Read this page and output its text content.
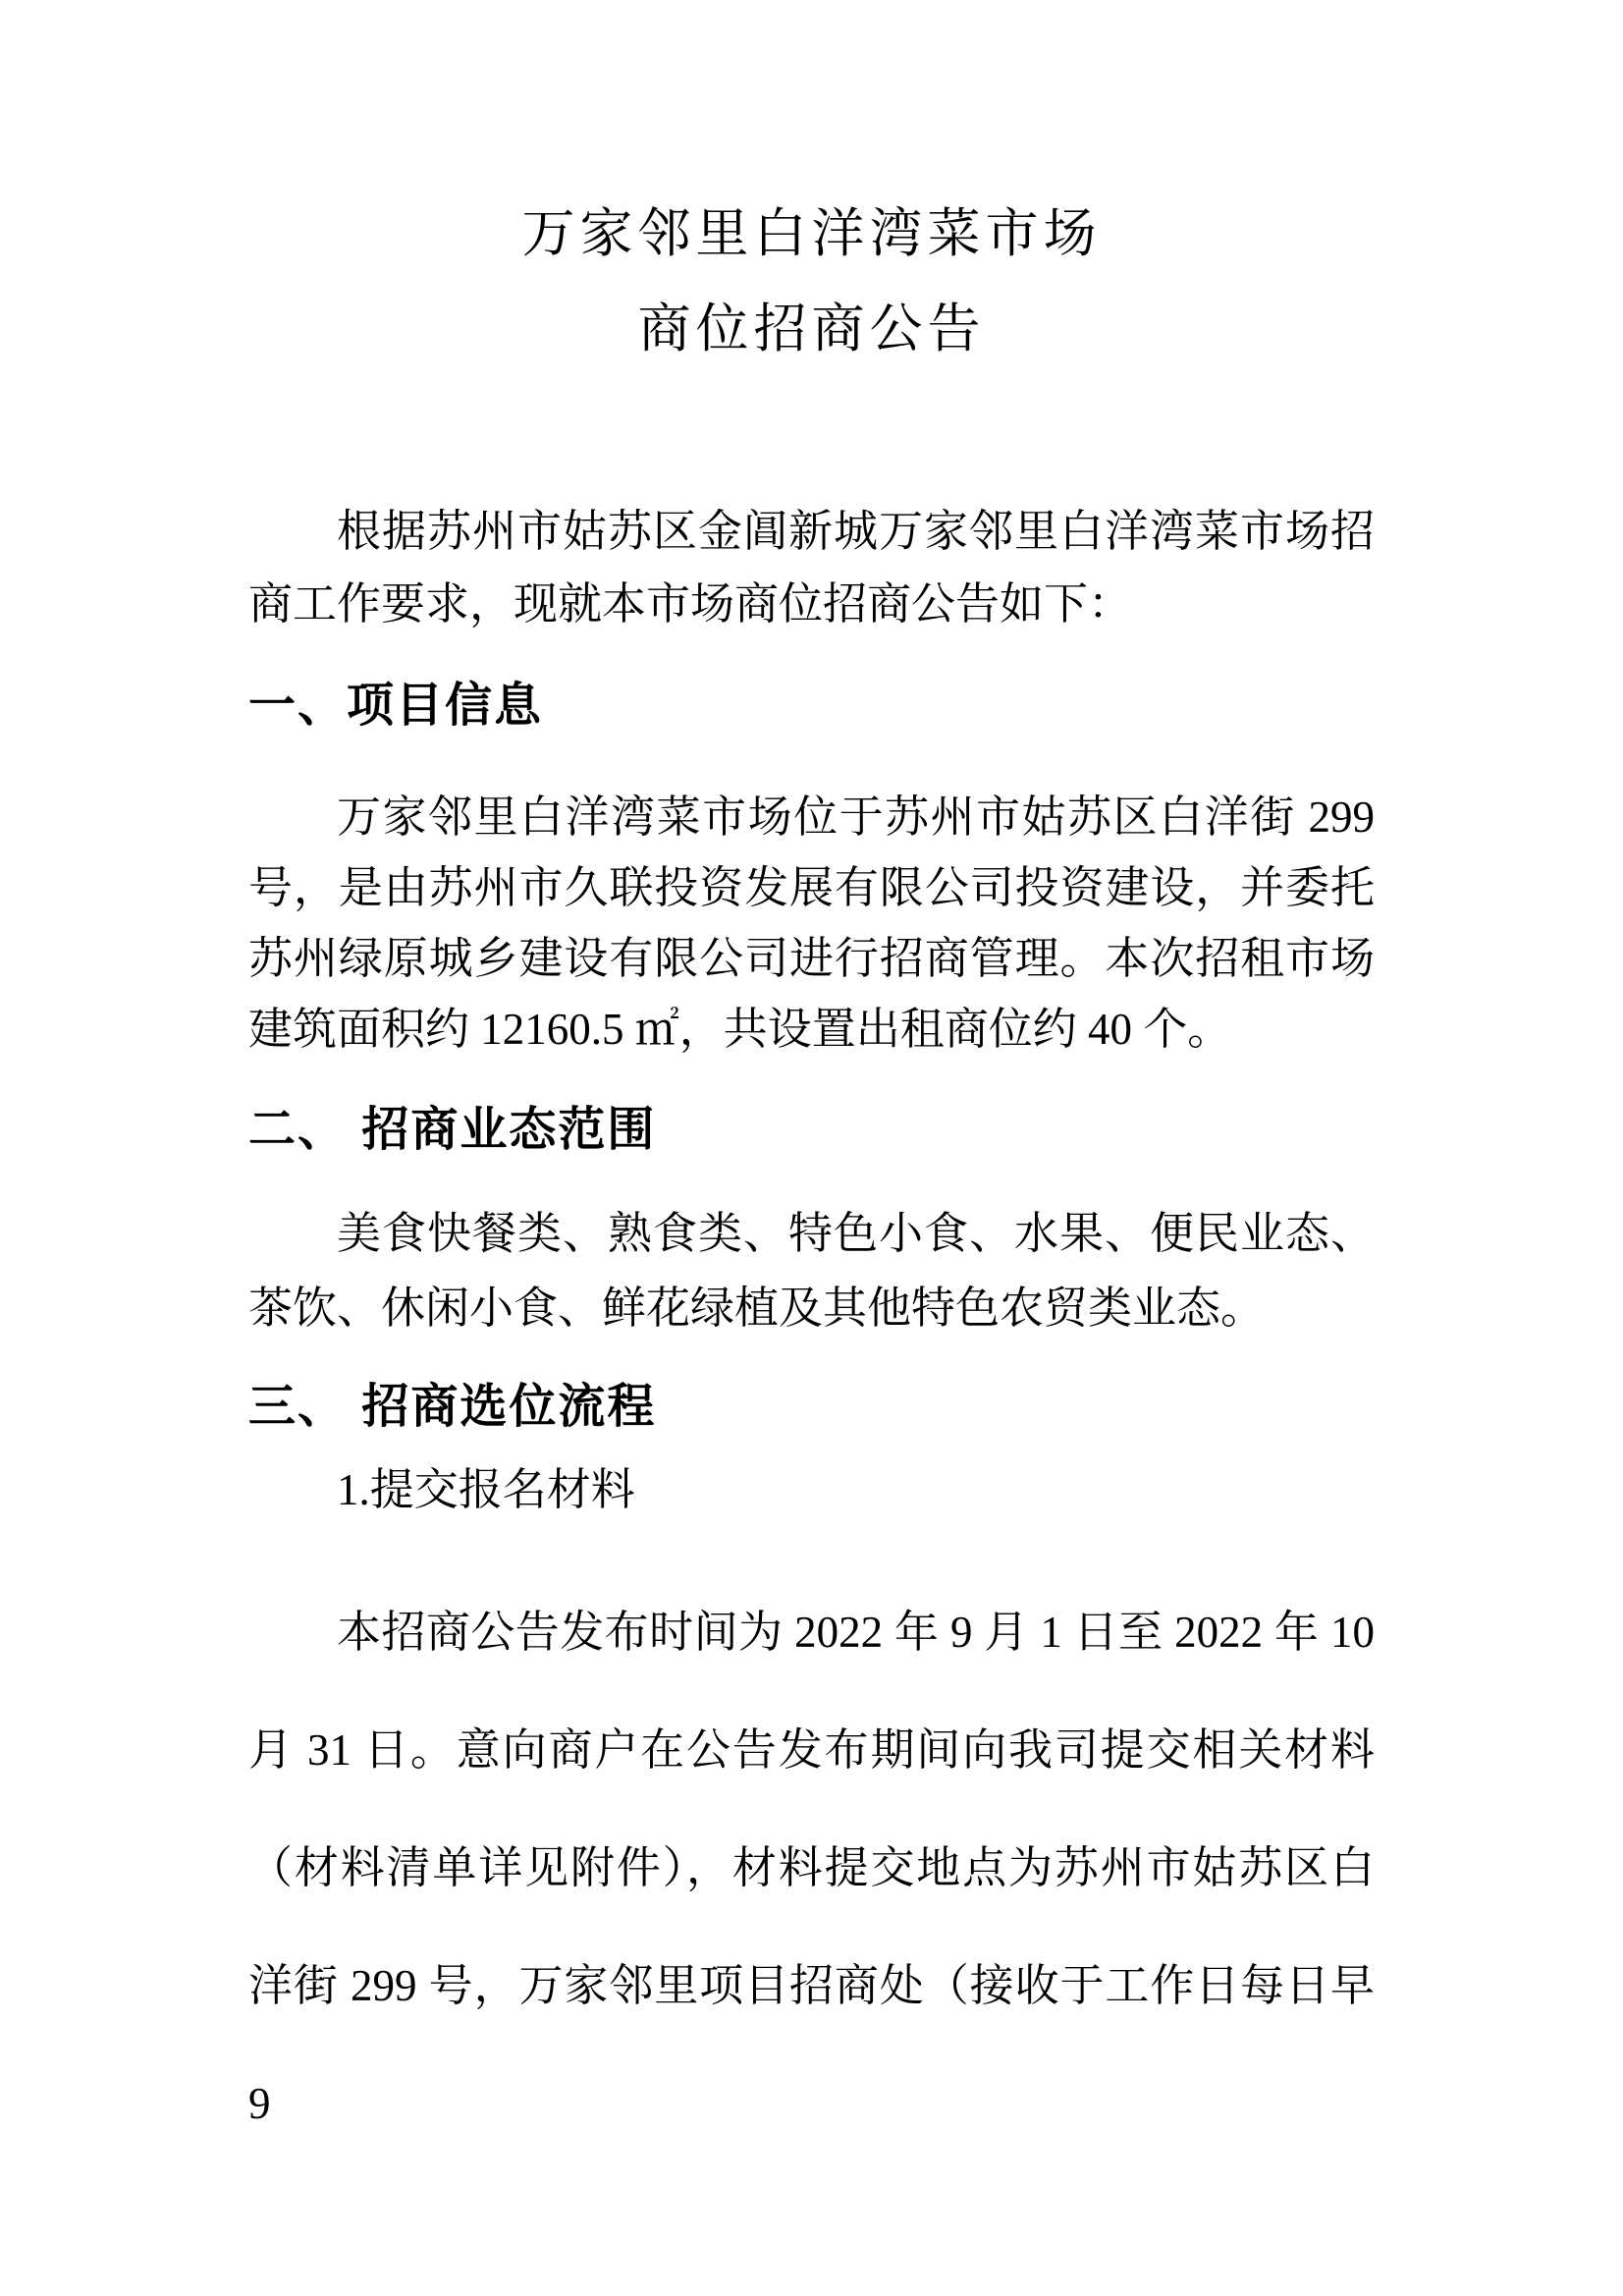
万家邻里白洋湾菜市场
商位招商公告
根据苏州市姑苏区金阊新城万家邻里白洋湾菜市场招
商工作要求，现就本市场商位招商公告如下：
一、项目信息
万家邻里白洋湾菜市场位于苏州市姑苏区白洋街 299
号，是由苏州市久联投资发展有限公司投资建设，并委托
苏州绿原城乡建设有限公司进行招商管理。本次招租市场
建筑面积约 12160.5 ㎡，共设置出租商位约 40 个。
二、 招商业态范围
美食快餐类、熟食类、特色小食、水果、便民业态、
茶饮、休闲小食、鲜花绿植及其他特色农贸类业态。
三、 招商选位流程
1.提交报名材料
本招商公告发布时间为 2022 年 9 月 1 日至 2022 年 10
月 31 日。意向商户在公告发布期间向我司提交相关材料
（材料清单详见附件），材料提交地点为苏州市姑苏区白
洋街 299 号，万家邻里项目招商处（接收于工作日每日早 9
